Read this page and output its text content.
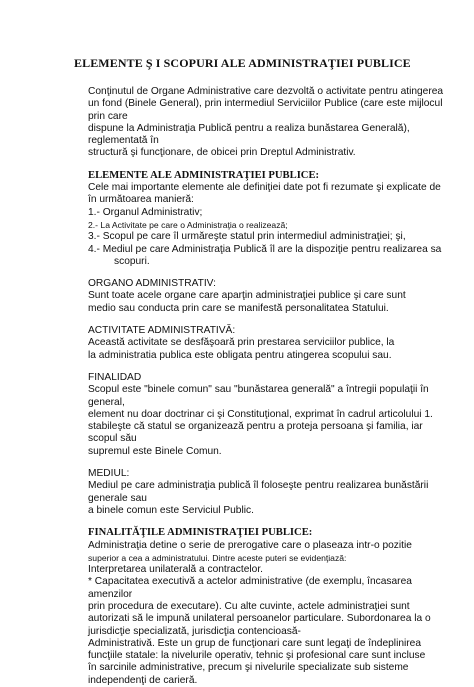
ELEMENTE Ş I SCOPURI ALE ADMINISTRAŢIEI PUBLICE

Conţinutul de Organe Administrative care dezvoltă o activitate pentru atingerea

un fond (Binele General), prin intermediul Serviciilor Publice (care este mijlocul prin care

dispune la Administraţia Publică pentru a realiza bunăstarea Generală), reglementată în

structură şi funcţionare, de obicei prin Dreptul Administrativ.

ELEMENTE ALE ADMINISTRAŢIEI PUBLICE:

Cele mai importante elemente ale definiţiei date pot fi rezumate şi explicate de

în următoarea manieră:

1.- Organul Administrativ;

2.- La Activitate pe care o Administraţia o realizează;

3.- Scopul pe care îl urmăreşte statul prin intermediul administraţiei; şi,

4.- Mediul pe care Administraţia Publică îl are la dispoziţie pentru realizarea sa

scopuri.

ORGANO ADMINISTRATIV:

Sunt toate acele organe care aparţin administraţiei publice şi care sunt

medio sau conducta prin care se manifestă personalitatea Statului.

ACTIVITATE ADMINISTRATIVĂ:

Această activitate se desfăşoară prin prestarea serviciilor publice, la

la administratia publica este obligata pentru atingerea scopului sau.

FINALIDAD

Scopul este "binele comun" sau "bunăstarea generală" a întregii populaţii în general,

element nu doar doctrinar ci şi Constituţional, exprimat în cadrul articolului 1.

stabileşte că statul se organizează pentru a proteja persoana şi familia, iar scopul său

supremul este Binele Comun.

MEDIUL:

Mediul pe care administraţia publică îl foloseşte pentru realizarea bunăstării generale sau

a binele comun este Serviciul Public.

FINALITĂŢILE ADMINISTRAŢIEI PUBLICE:

Administraţia detine o serie de prerogative care o plaseaza intr-o pozitie

superior a cea a administratului. Dintre aceste puteri se evidenţiază:

Interpretarea unilaterală a contractelor.

* Capacitatea executivă a actelor administrative (de exemplu, încasarea amenzilor

prin procedura de executare). Cu alte cuvinte, actele administraţiei sunt

autorizati să le impună unilateral persoanelor particulare. Subordonarea la o

jurisdicţie specializată, jurisdicţia contencioasă-

Administrativă. Este un grup de funcţionari care sunt legaţi de îndeplinirea

funcţiile statale: la nivelurile operativ, tehnic şi profesional care sunt incluse

în sarcinile administrative, precum şi nivelurile specializate sub sisteme

independenţi de carieră.
